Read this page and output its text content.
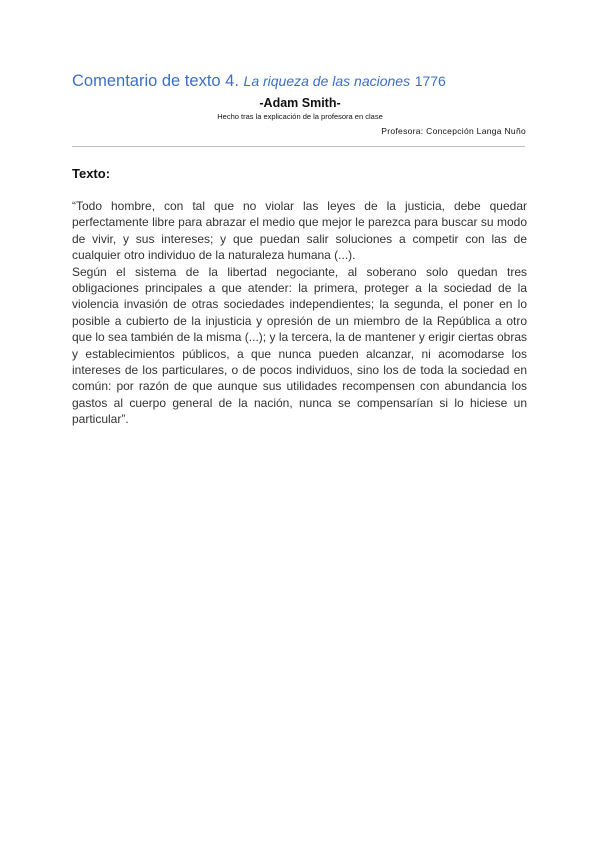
Comentario de texto 4. La riqueza de las naciones 1776
-Adam Smith-
Hecho tras la explicación de la profesora en clase
Profesora: Concepción Langa Nuño
Texto:

“Todo hombre, con tal que no violar las leyes de la justicia, debe quedar perfectamente libre para abrazar el medio que mejor le parezca para buscar su modo de vivir, y sus intereses; y que puedan salir soluciones a competir con las de cualquier otro individuo de la naturaleza humana (...).

Según el sistema de la libertad negociante, al soberano solo quedan tres obligaciones principales a que atender: la primera, proteger a la sociedad de la violencia invasión de otras sociedades independientes; la segunda, el poner en lo posible a cubierto de la injusticia y opresión de un miembro de la República a otro que lo sea también de la misma (...); y la tercera, la de mantener y erigir ciertas obras y establecimientos públicos, a que nunca pueden alcanzar, ni acomodarse los intereses de los particulares, o de pocos individuos, sino los de toda la sociedad en común: por razón de que aunque sus utilidades recompensen con abundancia los gastos al cuerpo general de la nación, nunca se compensarían si lo hiciese un particular”.
